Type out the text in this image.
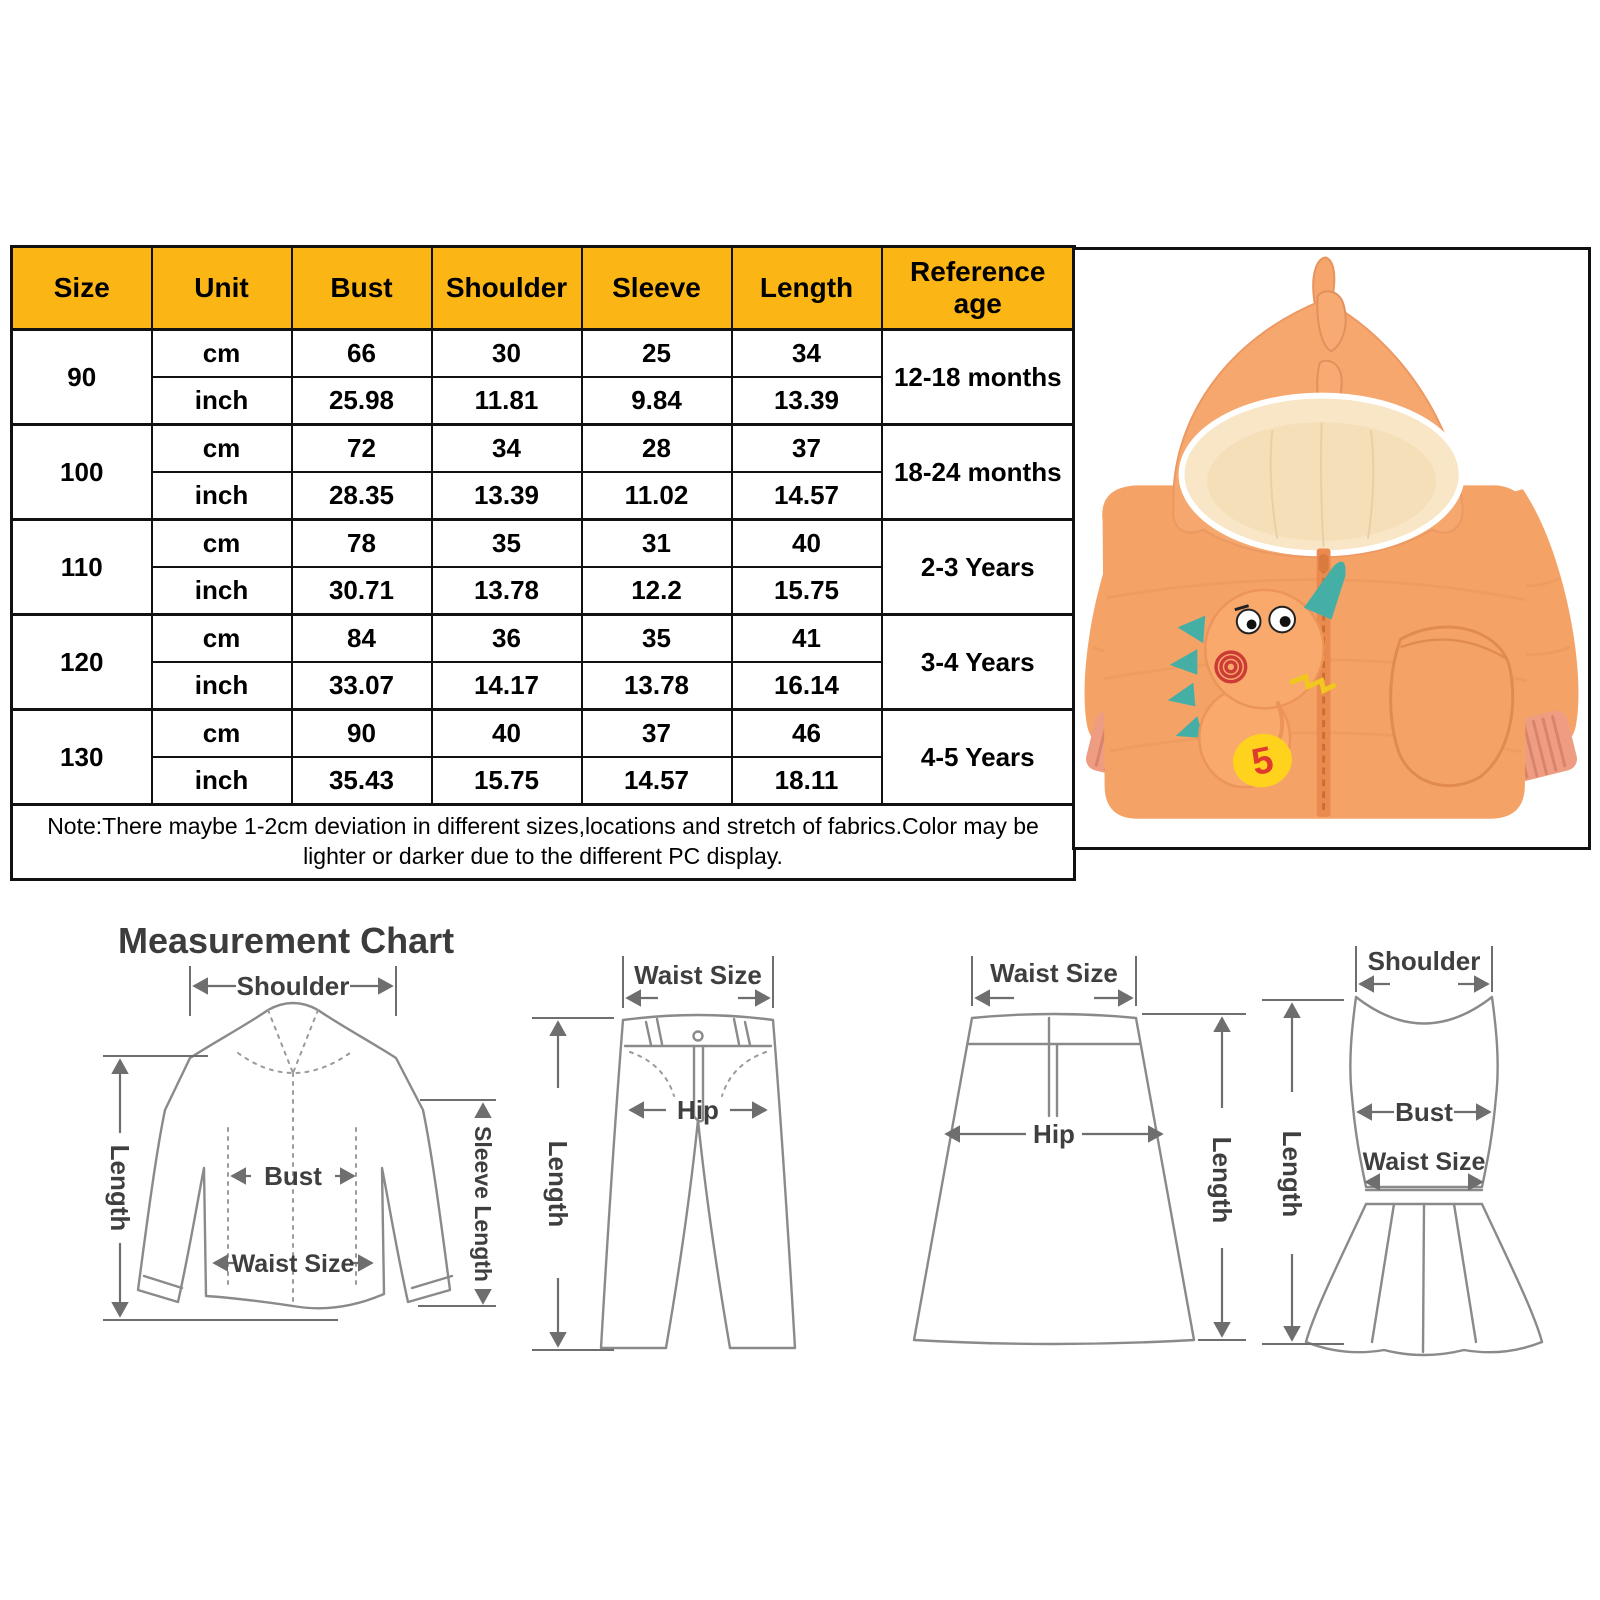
Size	Unit	Bust	Shoulder	Sleeve	Length	Reference age
90	cm	66	30	25	34	12-18 months
	inch	25.98	11.81	9.84	13.39	
100	cm	72	34	28	37	18-24 months
	inch	28.35	13.39	11.02	14.57	
110	cm	78	35	31	40	2-3 Years
	inch	30.71	13.78	12.2	15.75	
120	cm	84	36	35	41	3-4 Years
	inch	33.07	14.17	13.78	16.14	
130	cm	90	40	37	46	4-5 Years
	inch	35.43	15.75	14.57	18.11	
Note:There maybe 1-2cm deviation in different sizes,locations and stretch of fabrics.Color may be lighter or darker due to the different PC display.						
5
Measurement Chart
Shoulder
Length	Bust
Waist Size	Sleeve Length
Waist Size
Hip
Length
Waist Size
Hip
Length
Shoulder
Bust
Waist Size
Length
